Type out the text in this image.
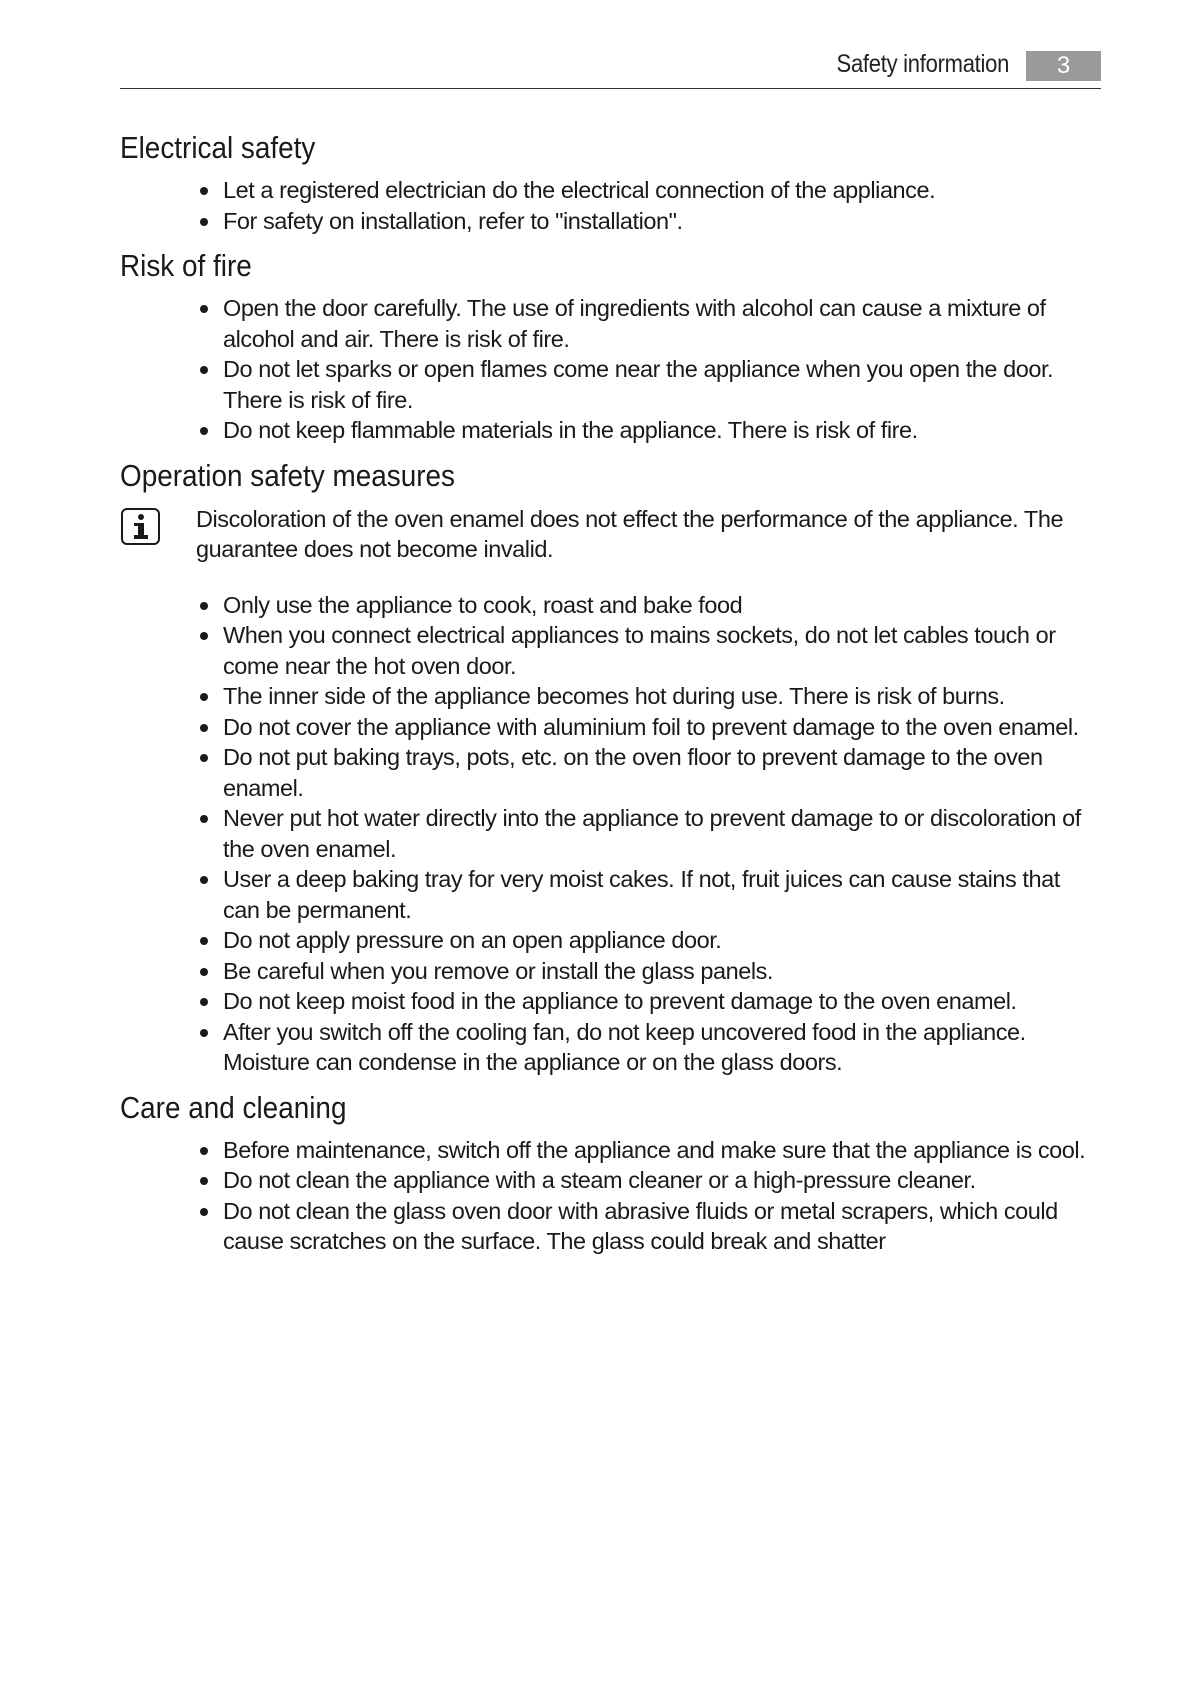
Safety information	3
Electrical safety
Let a registered electrician do the electrical connection of the appliance.
For safety on installation, refer to "installation".
Risk of fire
Open the door carefully. The use of ingredients with alcohol can cause a mixture of alcohol and air. There is risk of fire.
Do not let sparks or open flames come near the appliance when you open the door. There is risk of fire.
Do not keep flammable materials in the appliance. There is risk of fire.
Operation safety measures

Discoloration of the oven enamel does not effect the performance of the appliance. The guarantee does not become invalid.

Only use the appliance to cook, roast and bake food
When you connect electrical appliances to mains sockets, do not let cables touch or come near the hot oven door.
The inner side of the appliance becomes hot during use. There is risk of burns.
Do not cover the appliance with aluminium foil to prevent damage to the oven enamel.
Do not put baking trays, pots, etc. on the oven floor to prevent damage to the oven enamel.
Never put hot water directly into the appliance to prevent damage to or discoloration of the oven enamel.
User a deep baking tray for very moist cakes. If not, fruit juices can cause stains that can be permanent.
Do not apply pressure on an open appliance door.
Be careful when you remove or install the glass panels.
Do not keep moist food in the appliance to prevent damage to the oven enamel.
After you switch off the cooling fan, do not keep uncovered food in the appliance. Moisture can condense in the appliance or on the glass doors.
Care and cleaning
Before maintenance, switch off the appliance and make sure that the appliance is cool.
Do not clean the appliance with a steam cleaner or a high-pressure cleaner.
Do not clean the glass oven door with abrasive fluids or metal scrapers, which could cause scratches on the surface. The glass could break and shatter
